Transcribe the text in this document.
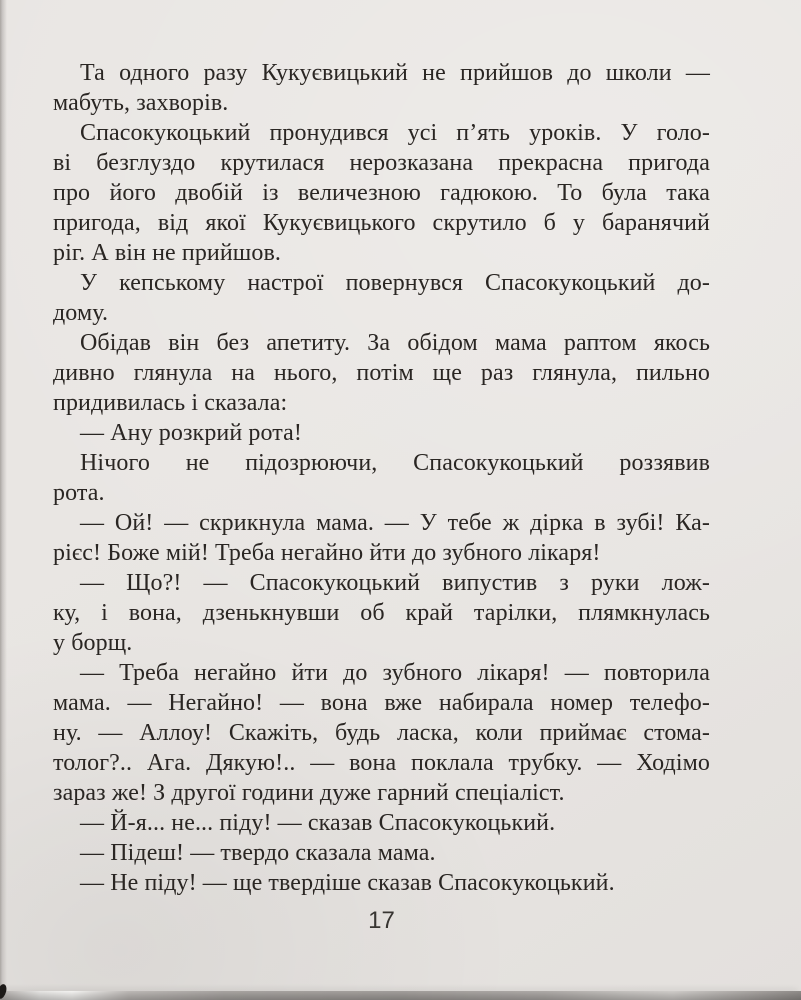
Та одного разу Кукуєвицький не прийшов до школи —
мабуть, захворів.
Спасокукоцький пронудився усі п’ять уроків. У голо-
ві безглуздо крутилася нерозказана прекрасна пригода
про його двобій із величезною гадюкою. То була така
пригода, від якої Кукуєвицького скрутило б у баранячий
ріг. А він не прийшов.
У кепському настрої повернувся Спасокукоцький до-
дому.
Обідав він без апетиту. За обідом мама раптом якось
дивно глянула на нього, потім ще раз глянула, пильно
придивилась і сказала:
— Ану розкрий рота!
Нічого не підозрюючи, Спасокукоцький роззявив
рота.
— Ой! — скрикнула мама. — У тебе ж дірка в зубі! Ка-
рієс! Боже мій! Треба негайно йти до зубного лікаря!
— Що?! — Спасокукоцький випустив з руки лож-
ку, і вона, дзенькнувши об край тарілки, плямкнулась
у борщ.
— Треба негайно йти до зубного лікаря! — повторила
мама. — Негайно! — вона вже набирала номер телефо-
ну. — Аллоу! Скажіть, будь ласка, коли приймає стома-
толог?.. Ага. Дякую!.. — вона поклала трубку. — Ходімо
зараз же! З другої години дуже гарний спеціаліст.
— Й-я... не... піду! — сказав Спасокукоцький.
— Підеш! — твердо сказала мама.
— Не піду! — ще твердіше сказав Спасокукоцький.
17
